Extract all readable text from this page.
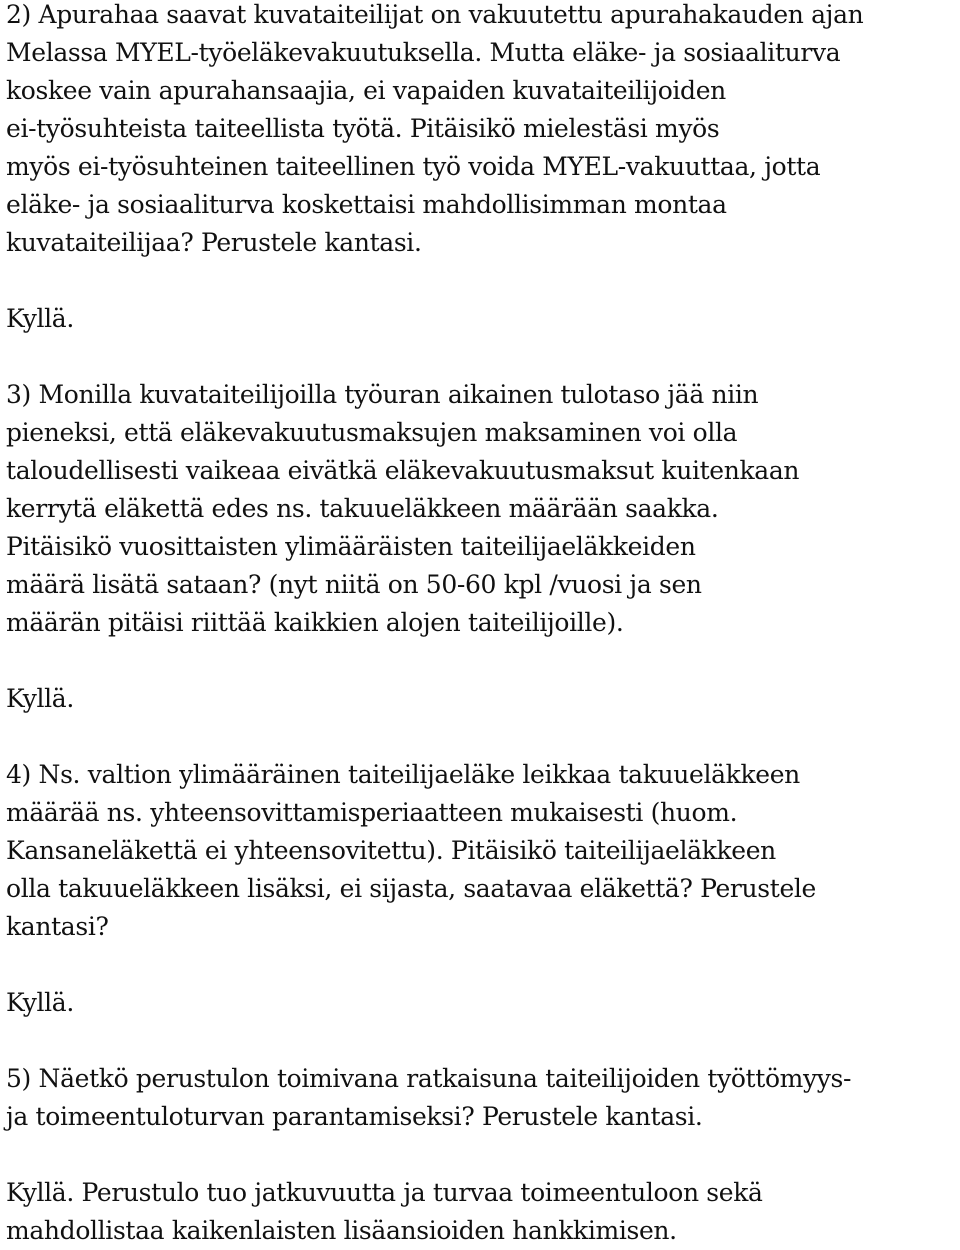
2) Apurahaa saavat kuvataiteilijat on vakuutettu apurahakauden ajan
Melassa MYEL-työeläkevakuutuksella. Mutta eläke- ja sosiaaliturva
koskee vain apurahansaajia, ei vapaiden kuvataiteilijoiden
ei-työsuhteista taiteellista työtä. Pitäisikö mielestäsi myös
myös ei-työsuhteinen taiteellinen työ voida MYEL-vakuuttaa, jotta
eläke- ja sosiaaliturva koskettaisi mahdollisimman montaa
kuvataiteilijaa? Perustele kantasi.
Kyllä.
3) Monilla kuvataiteilijoilla työuran aikainen tulotaso jää niin
pieneksi, että eläkevakuutusmaksujen maksaminen voi olla
taloudellisesti vaikeaa eivätkä eläkevakuutusmaksut kuitenkaan
kerrytä eläkettä edes ns. takuueläkkeen määrään saakka.
Pitäisikö vuosittaisten ylimääräisten taiteilijaeläkkeiden
määrä lisätä sataan? (nyt niitä on 50-60 kpl /vuosi ja sen
määrän pitäisi riittää kaikkien alojen taiteilijoille).
Kyllä.
4) Ns. valtion ylimääräinen taiteilijaeläke leikkaa takuueläkkeen
määrää ns. yhteensovittamisperiaatteen mukaisesti (huom.
Kansaneläkettä ei yhteensovitettu). Pitäisikö taiteilijaeläkkeen
olla takuueläkkeen lisäksi, ei sijasta, saatavaa eläkettä? Perustele
kantasi?
Kyllä.
5) Näetkö perustulon toimivana ratkaisuna taiteilijoiden työttömyys-
ja toimeentuloturvan parantamiseksi? Perustele kantasi.
Kyllä. Perustulo tuo jatkuvuutta ja turvaa toimeentuloon sekä
mahdollistaa kaikenlaisten lisäansioiden hankkimisen.
